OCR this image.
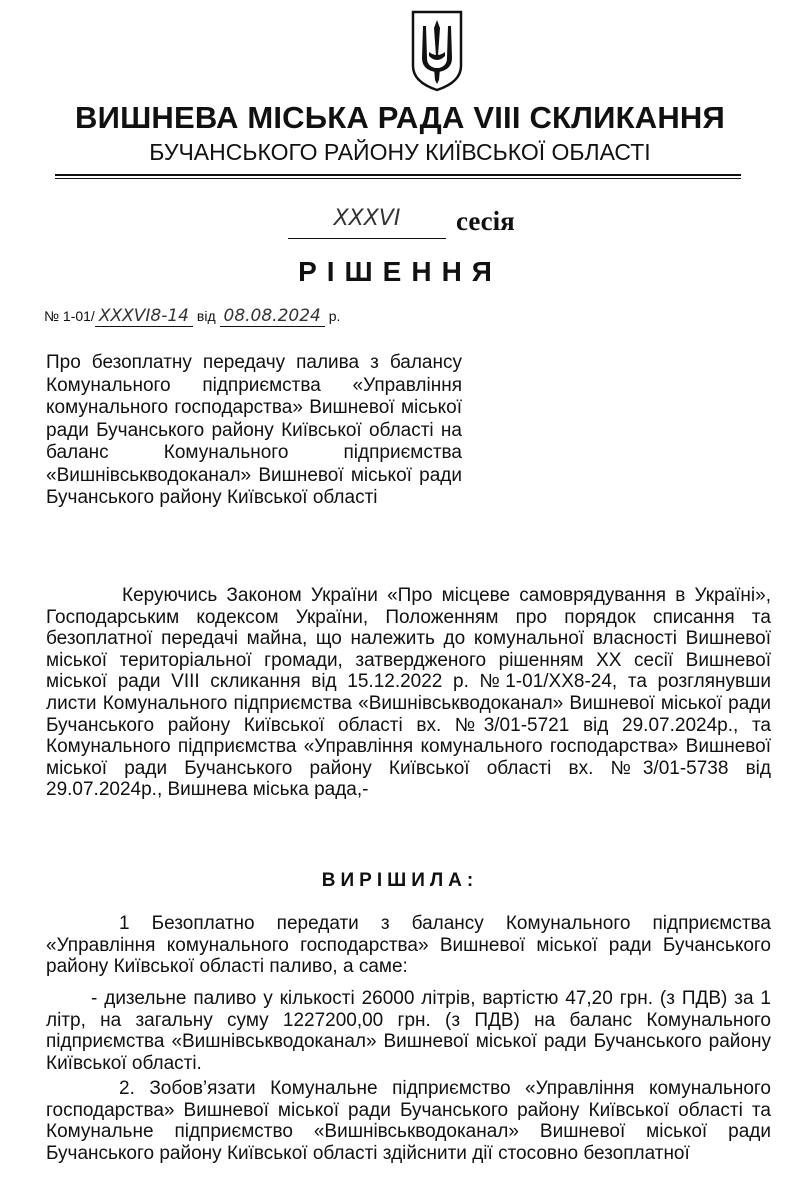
ВИШНЕВА МІСЬКА РАДА VIII СКЛИКАННЯ
БУЧАНСЬКОГО РАЙОНУ КИЇВСЬКОЇ ОБЛАСТІ
XXXVI	сесія
РІШЕННЯ
№ 1-01/ XXXVI8-14 від 08.08.2024 р.
Про безоплатну передачу палива з балансу Комунального підприємства «Управління комунального господарства» Вишневої міської ради Бучанського району Київської області на баланс Комунального підприємства «Вишнівськводоканал» Вишневої міської ради Бучанського району Київської області
Керуючись Законом України «Про місцеве самоврядування в Україні», Господарським кодексом України, Положенням про порядок списання та безоплатної передачі майна, що належить до комунальної власності Вишневої міської територіальної громади, затвердженого рішенням XX сесії Вишневої міської ради VIII скликання від 15.12.2022 р. №1-01/XX8-24, та розглянувши листи Комунального підприємства «Вишнівськводоканал» Вишневої міської ради Бучанського району Київської області вх. №3/01-5721 від 29.07.2024р., та Комунального підприємства «Управління комунального господарства» Вишневої міської ради Бучанського району Київської області вх. №3/01-5738 від 29.07.2024р., Вишнева міська рада,-
ВИРІШИЛА:
1 Безоплатно передати з балансу Комунального підприємства «Управління комунального господарства» Вишневої міської ради Бучанського району Київської області паливо, а саме:
- дизельне паливо у кількості 26000 літрів, вартістю 47,20 грн. (з ПДВ) за 1 літр, на загальну суму 1227200,00 грн. (з ПДВ) на баланс Комунального підприємства «Вишнівськводоканал» Вишневої міської ради Бучанського району Київської області.
2. Зобов’язати Комунальне підприємство «Управління комунального господарства» Вишневої міської ради Бучанського району Київської області та Комунальне підприємство «Вишнівськводоканал» Вишневої міської ради Бучанського району Київської області здійснити дії стосовно безоплатної
